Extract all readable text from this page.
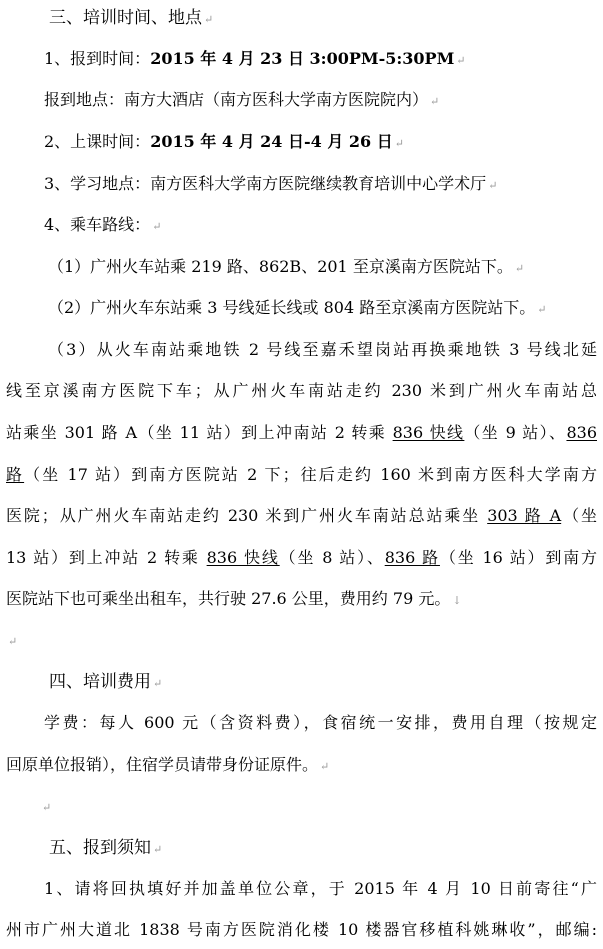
三、培训时间、地点 ↵
1、报到时间：2015 年 4 月 23 日 3:00PM-5:30PM ↵
报到地点：南方大酒店（南方医科大学南方医院院内） ↵
2、上课时间：2015 年 4 月 24 日-4 月 26 日 ↵
3、学习地点：南方医科大学南方医院继续教育培训中心学术厅 ↵
4、乘车路线： ↵
（1）广州火车站乘 219 路、862B、201 至京溪南方医院站下。 ↵
（2）广州火车东站乘 3 号线延长线或 804 路至京溪南方医院站下。 ↵
（3）从火车南站乘地铁 2 号线至嘉禾望岗站再换乘地铁 3 号线北延
线至京溪南方医院下车；从广州火车南站走约 230 米到广州火车南站总
站乘坐 301 路 A（坐 11 站）到上冲南站 2 转乘 836 快线（坐 9 站）、836
路（坐 17 站）到南方医院站 2 下；往后走约 160 米到南方医科大学南方
医院；从广州火车南站走约 230 米到广州火车南站总站乘坐 303 路 A（坐
13 站）到上冲站 2 转乘 836 快线（坐 8 站）、836 路（坐 16 站）到南方
医院站下也可乘坐出租车，共行驶 27.6 公里，费用约 79 元。 ↓
↵
四、培训费用 ↵
学费：每人 600 元（含资料费），食宿统一安排，费用自理（按规定
回原单位报销），住宿学员请带身份证原件。 ↵
↵
五、报到须知 ↵
1、请将回执填好并加盖单位公章，于 2015 年 4 月 10 日前寄往“广
州市广州大道北 1838 号南方医院消化楼 10 楼器官移植科姚琳收”，邮编:
